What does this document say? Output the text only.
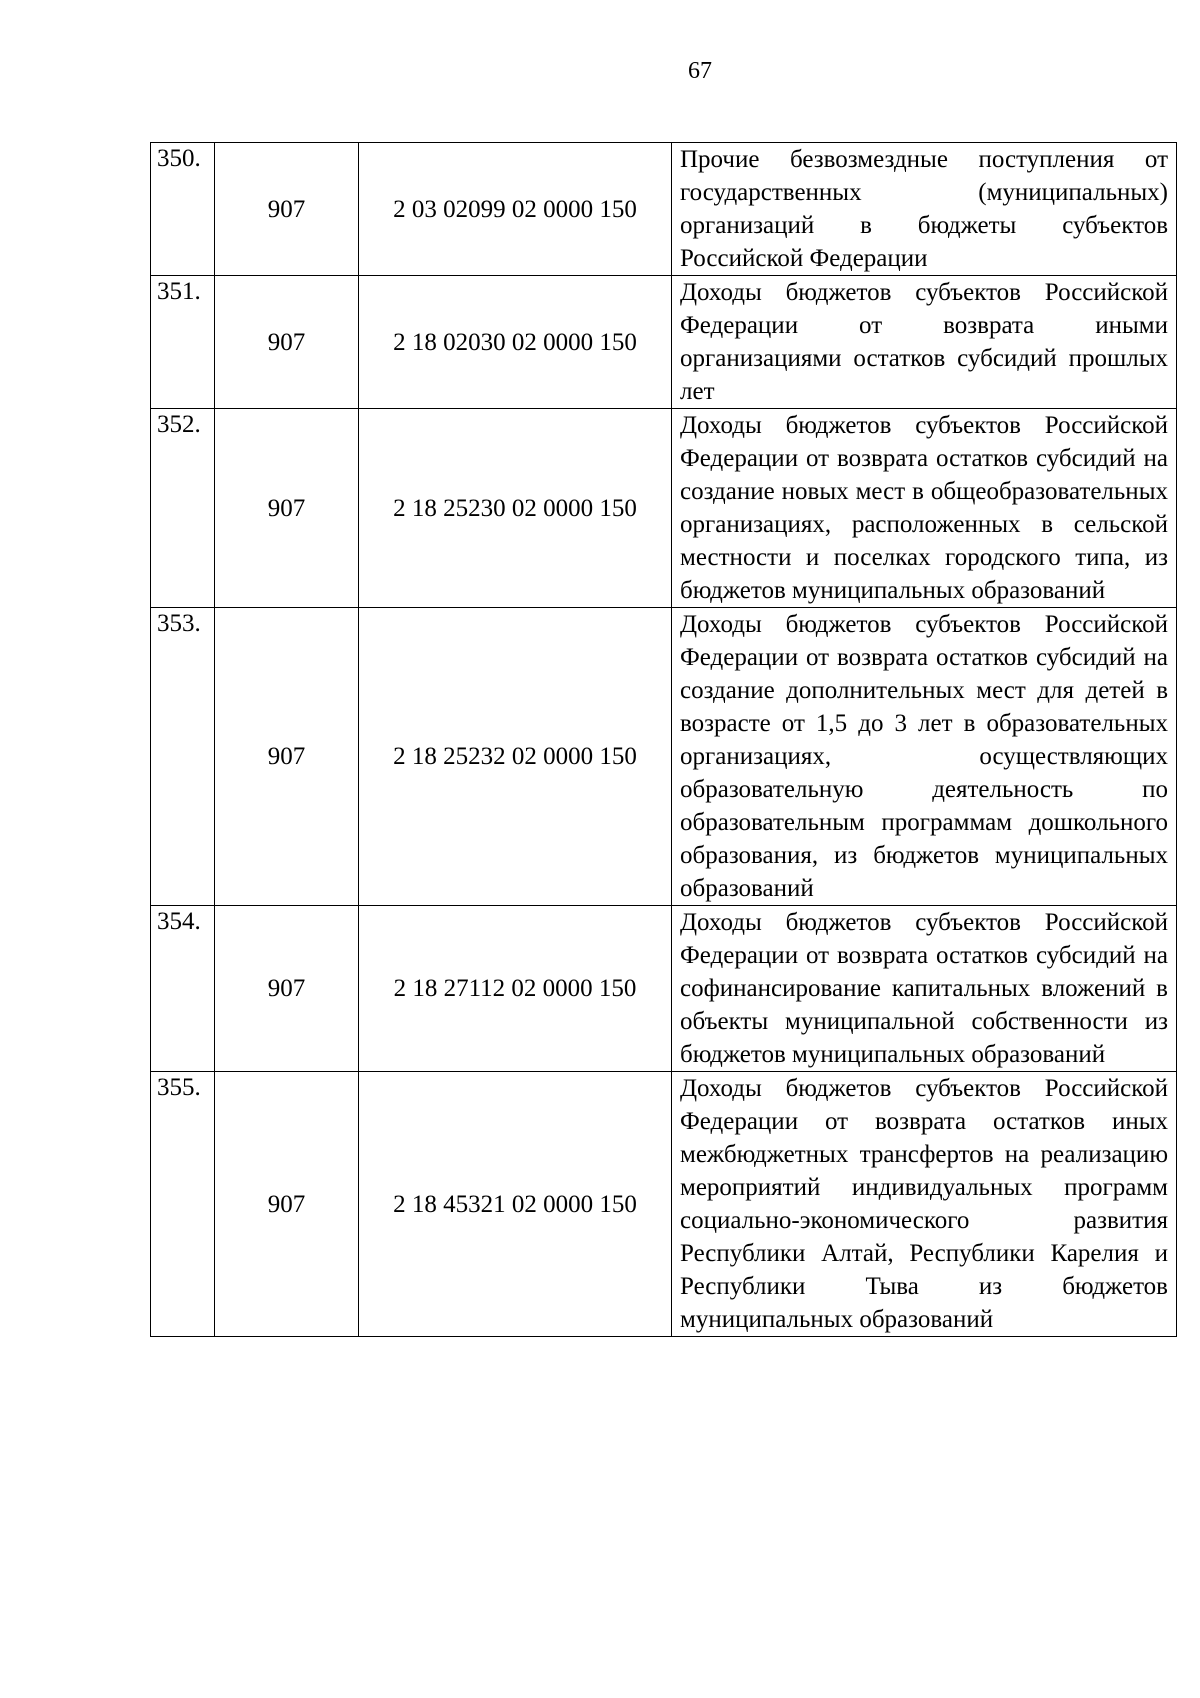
67
350.	907	2 03 02099 02 0000 150	Прочие безвозмездные поступления от государственных (муниципальных) организаций в бюджеты субъектов Российской Федерации

351.	907	2 18 02030 02 0000 150	Доходы бюджетов субъектов Российской Федерации от возврата иными организациями остатков субсидий прошлых лет

352.	907	2 18 25230 02 0000 150	Доходы бюджетов субъектов Российской Федерации от возврата остатков субсидий на создание новых мест в общеобразовательных организациях, расположенных в сельской местности и поселках городского типа, из бюджетов муниципальных образований

353.	907	2 18 25232 02 0000 150	Доходы бюджетов субъектов Российской Федерации от возврата остатков субсидий на создание дополнительных мест для детей в возрасте от 1,5 до 3 лет в образовательных организациях, осуществляющих образовательную деятельность по образовательным программам дошкольного образования, из бюджетов муниципальных образований

354.	907	2 18 27112 02 0000 150	Доходы бюджетов субъектов Российской Федерации от возврата остатков субсидий на софинансирование капитальных вложений в объекты муниципальной собственности из бюджетов муниципальных образований

355.	907	2 18 45321 02 0000 150	Доходы бюджетов субъектов Российской Федерации от возврата остатков иных межбюджетных трансфертов на реализацию мероприятий индивидуальных программ социально-экономического развития Республики Алтай, Республики Карелия и Республики Тыва из бюджетов муниципальных образований
